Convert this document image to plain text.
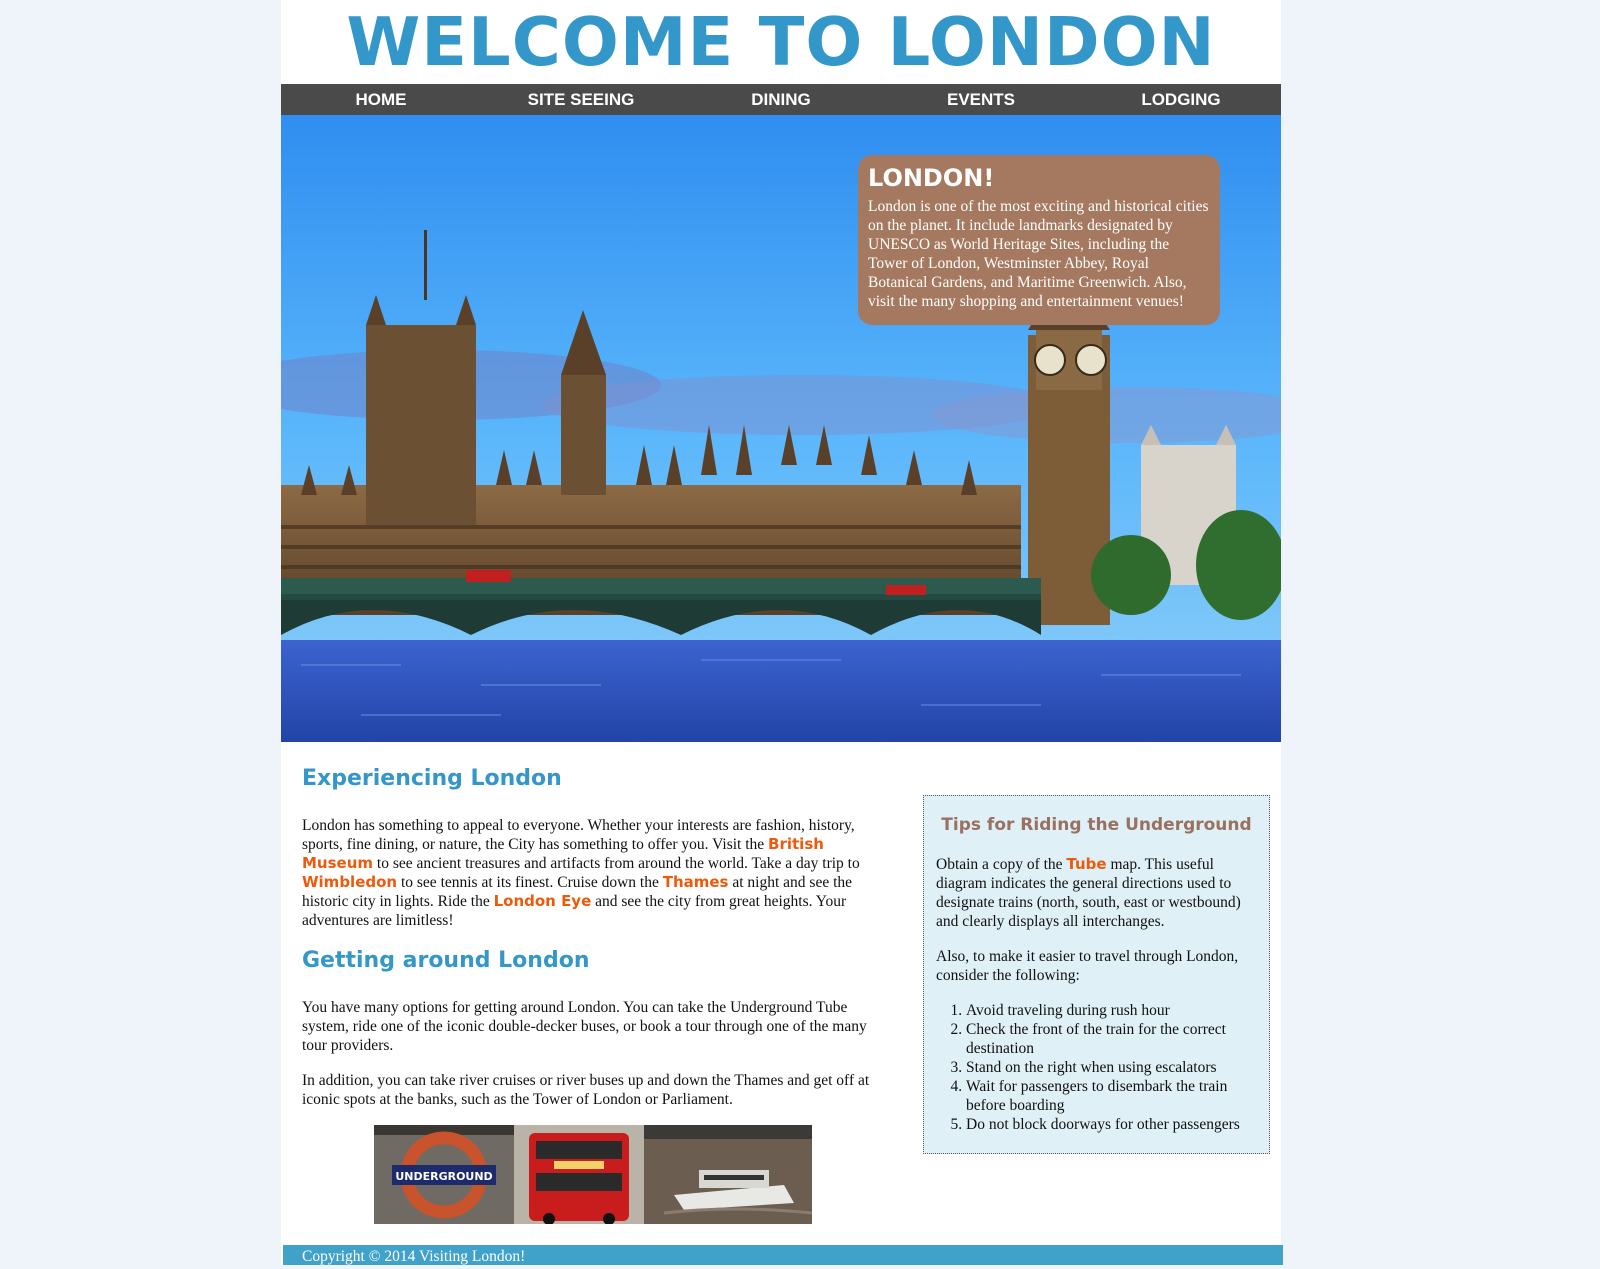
WELCOME TO LONDON
HOME	SITE SEEING	DINING	EVENTS	LODGING
LONDON!

London is one of the most exciting and historical cities on the planet. It include landmarks designated by UNESCO as World Heritage Sites, including the Tower of London, Westminster Abbey, Royal Botanical Gardens, and Maritime Greenwich. Also, visit the many shopping and entertainment venues!

Experiencing London

London has something to appeal to everyone. Whether your interests are fashion, history, sports, fine dining, or nature, the City has something to offer you. Visit the British Museum to see ancient treasures and artifacts from around the world. Take a day trip to Wimbledon to see tennis at its finest. Cruise down the Thames at night and see the historic city in lights. Ride the London Eye and see the city from great heights. Your adventures are limitless!

Getting around London

You have many options for getting around London. You can take the Underground Tube system, ride one of the iconic double-decker buses, or book a tour through one of the many tour providers.

In addition, you can take river cruises or river buses up and down the Thames and get off at iconic spots at the banks, such as the Tower of London or Parliament.

UNDERGROUND
Tips for Riding the Underground

Obtain a copy of the Tube map. This useful diagram indicates the general directions used to designate trains (north, south, east or westbound) and clearly displays all interchanges.

Also, to make it easier to travel through London, consider the following:

1. Avoid traveling during rush hour
2. Check the front of the train for the correct destination
3. Stand on the right when using escalators
4. Wait for passengers to disembark the train before boarding
5. Do not block doorways for other passengers
Copyright © 2014 Visiting London!
